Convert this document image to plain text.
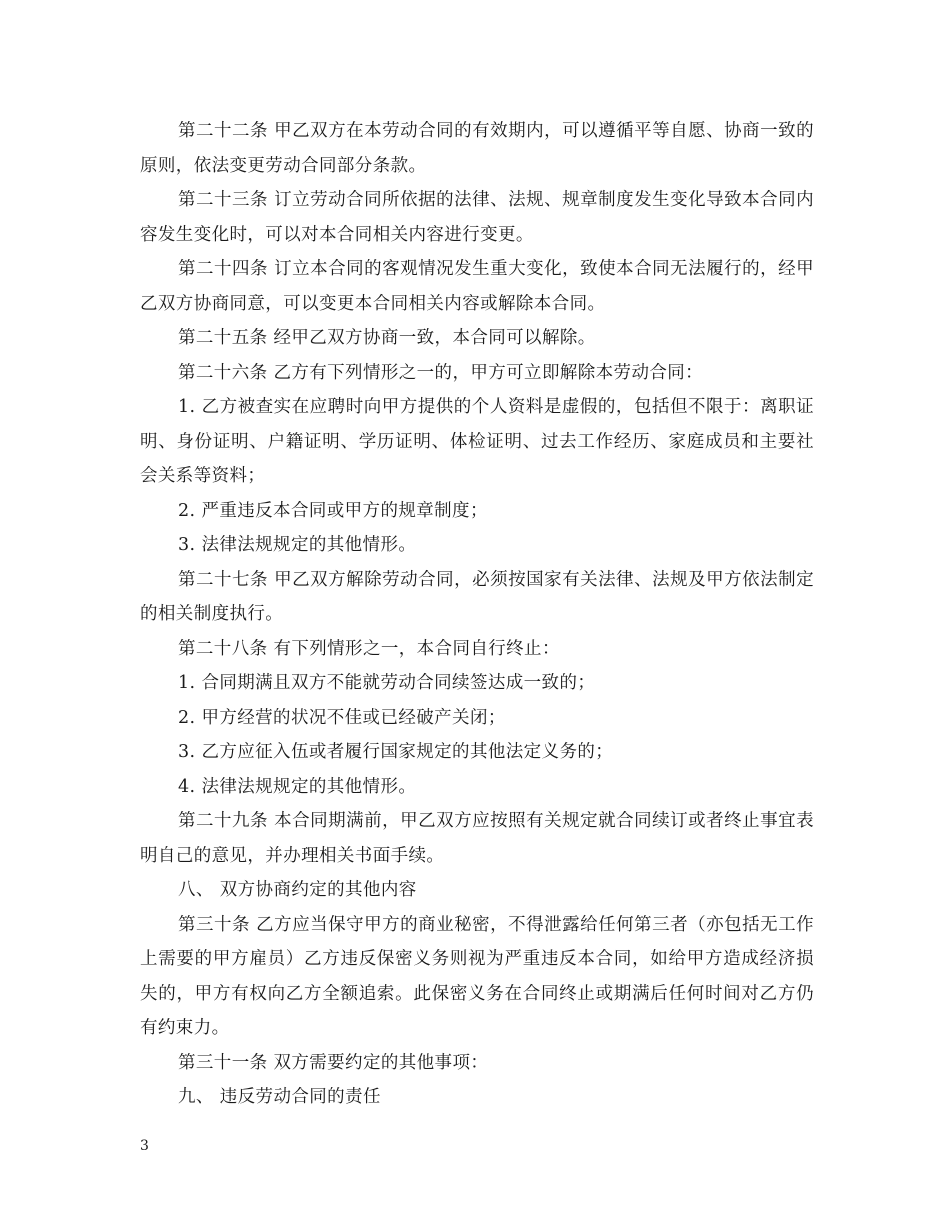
第二十二条 甲乙双方在本劳动合同的有效期内，可以遵循平等自愿、协商一致的原则，依法变更劳动合同部分条款。

第二十三条 订立劳动合同所依据的法律、法规、规章制度发生变化导致本合同内容发生变化时，可以对本合同相关内容进行变更。

第二十四条 订立本合同的客观情况发生重大变化，致使本合同无法履行的，经甲乙双方协商同意，可以变更本合同相关内容或解除本合同。

第二十五条 经甲乙双方协商一致，本合同可以解除。

第二十六条 乙方有下列情形之一的，甲方可立即解除本劳动合同：

1. 乙方被查实在应聘时向甲方提供的个人资料是虚假的，包括但不限于：离职证明、身份证明、户籍证明、学历证明、体检证明、过去工作经历、家庭成员和主要社会关系等资料；

2. 严重违反本合同或甲方的规章制度；

3. 法律法规规定的其他情形。

第二十七条 甲乙双方解除劳动合同，必须按国家有关法律、法规及甲方依法制定的相关制度执行。

第二十八条 有下列情形之一，本合同自行终止：

1. 合同期满且双方不能就劳动合同续签达成一致的；

2. 甲方经营的状况不佳或已经破产关闭；

3. 乙方应征入伍或者履行国家规定的其他法定义务的；

4. 法律法规规定的其他情形。

第二十九条 本合同期满前，甲乙双方应按照有关规定就合同续订或者终止事宜表明自己的意见，并办理相关书面手续。

八、 双方协商约定的其他内容

第三十条 乙方应当保守甲方的商业秘密，不得泄露给任何第三者（亦包括无工作上需要的甲方雇员）乙方违反保密义务则视为严重违反本合同，如给甲方造成经济损失的，甲方有权向乙方全额追索。此保密义务在合同终止或期满后任何时间对乙方仍有约束力。

第三十一条 双方需要约定的其他事项：

九、 违反劳动合同的责任

3
